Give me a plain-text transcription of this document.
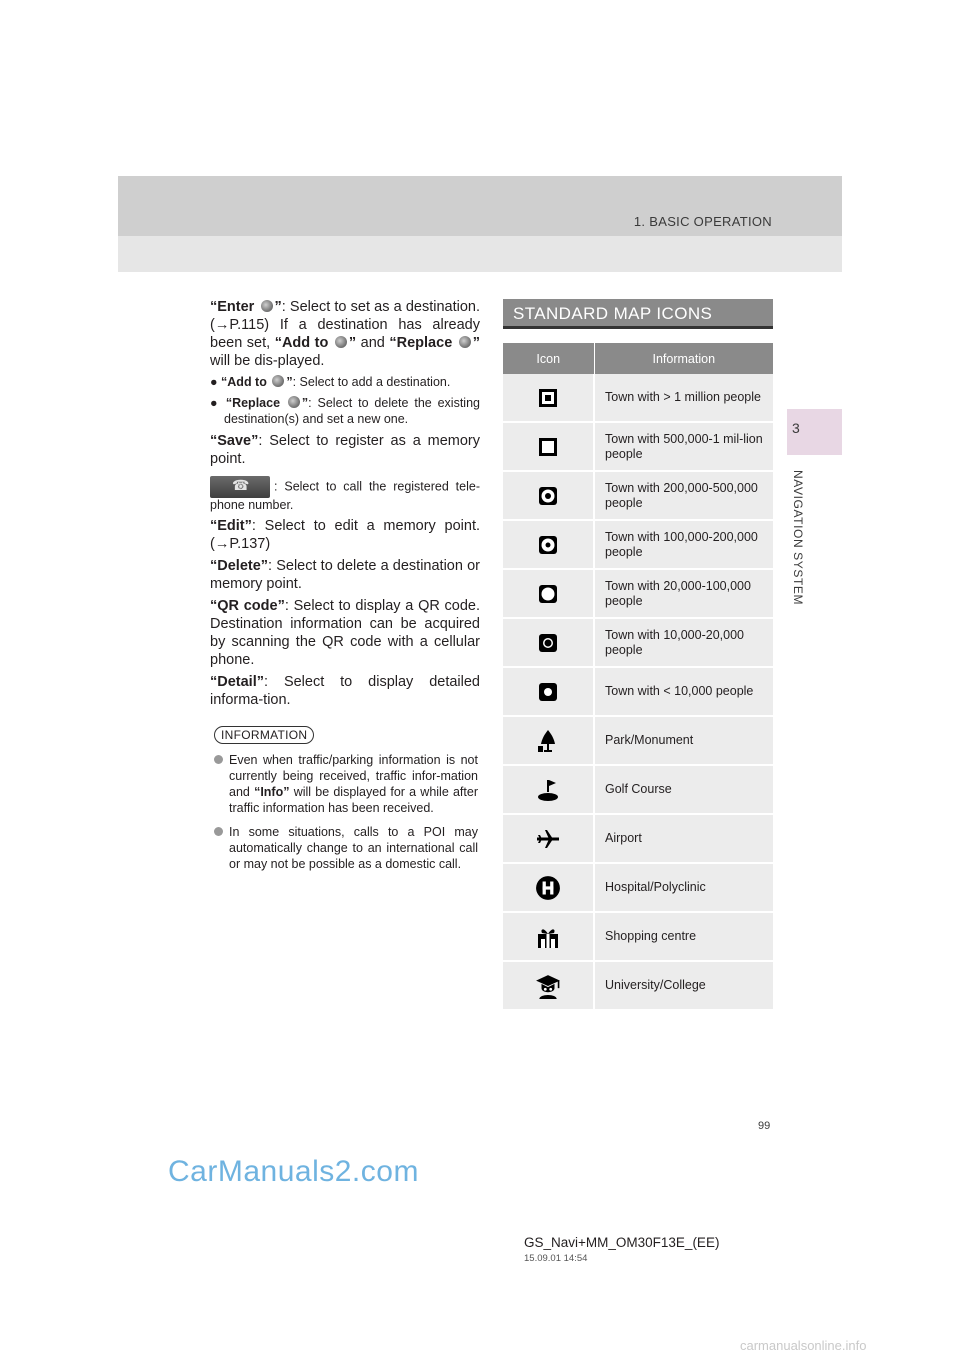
1. BASIC OPERATION
3
NAVIGATION SYSTEM

“Enter ”: Select to set as a destination. (→P.115) If a destination has already been set, “Add to ” and “Replace ” will be dis-played.

● “Add to ”: Select to add a destination.

● “Replace ”: Select to delete the existing destination(s) and set a new one.

“Save”: Select to register as a memory point.

☎ : Select to call the registered tele-phone number.

“Edit”: Select to edit a memory point. (→P.137)

“Delete”: Select to delete a destination or memory point.

“QR code”: Select to display a QR code. Destination information can be acquired by scanning the QR code with a cellular phone.

“Detail”: Select to display detailed informa-tion.

INFORMATION

Even when traffic/parking information is not currently being received, traffic infor-mation and “Info” will be displayed for a while after traffic information has been received.

In some situations, calls to a POI may automatically change to an international call or may not be possible as a domestic call.

STANDARD MAP ICONS
Icon	Information
	Town with > 1 million people
	Town with 500,000-1 mil-lion people
	Town with 200,000-500,000 people
	Town with 100,000-200,000 people
	Town with 20,000-100,000 people
	Town with 10,000-20,000 people
	Town with < 10,000 people
	Park/Monument
	Golf Course
	Airport
	Hospital/Polyclinic
	Shopping centre
	University/College
99
GS_Navi+MM_OM30F13E_(EE)
15.09.01 14:54
CarManuals2.com
carmanualsonline.info
